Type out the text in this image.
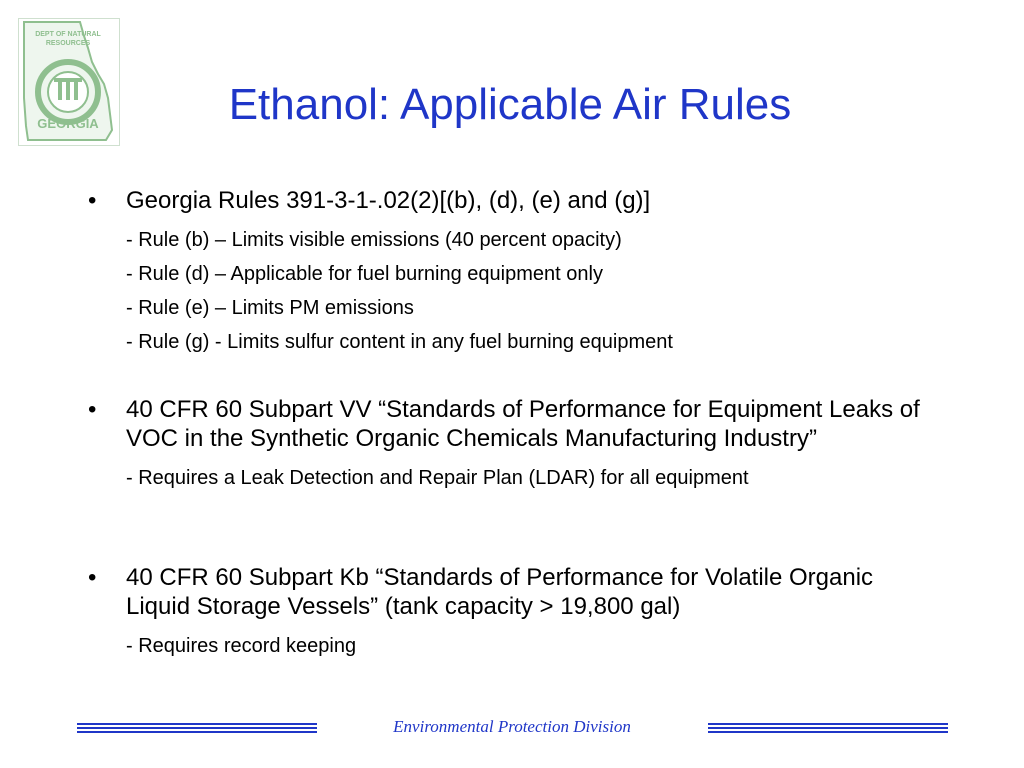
DEPT OF NATURAL
RESOURCES
GEORGIA	Ethanol: Applicable Air Rules
• Georgia Rules 391-3-1-.02(2)[(b), (d), (e) and (g)]
- Rule (b) – Limits visible emissions (40 percent opacity)
- Rule (d) – Applicable for fuel burning equipment only
- Rule (e) – Limits PM emissions
- Rule (g) - Limits sulfur content in any fuel burning equipment
• 40 CFR 60 Subpart VV “Standards of Performance for Equipment Leaks of VOC in the Synthetic Organic Chemicals Manufacturing Industry”
- Requires a Leak Detection and Repair Plan (LDAR) for all equipment
• 40 CFR 60 Subpart Kb “Standards of Performance for Volatile Organic Liquid Storage Vessels” (tank capacity > 19,800 gal)
- Requires record keeping
Environmental Protection Division
